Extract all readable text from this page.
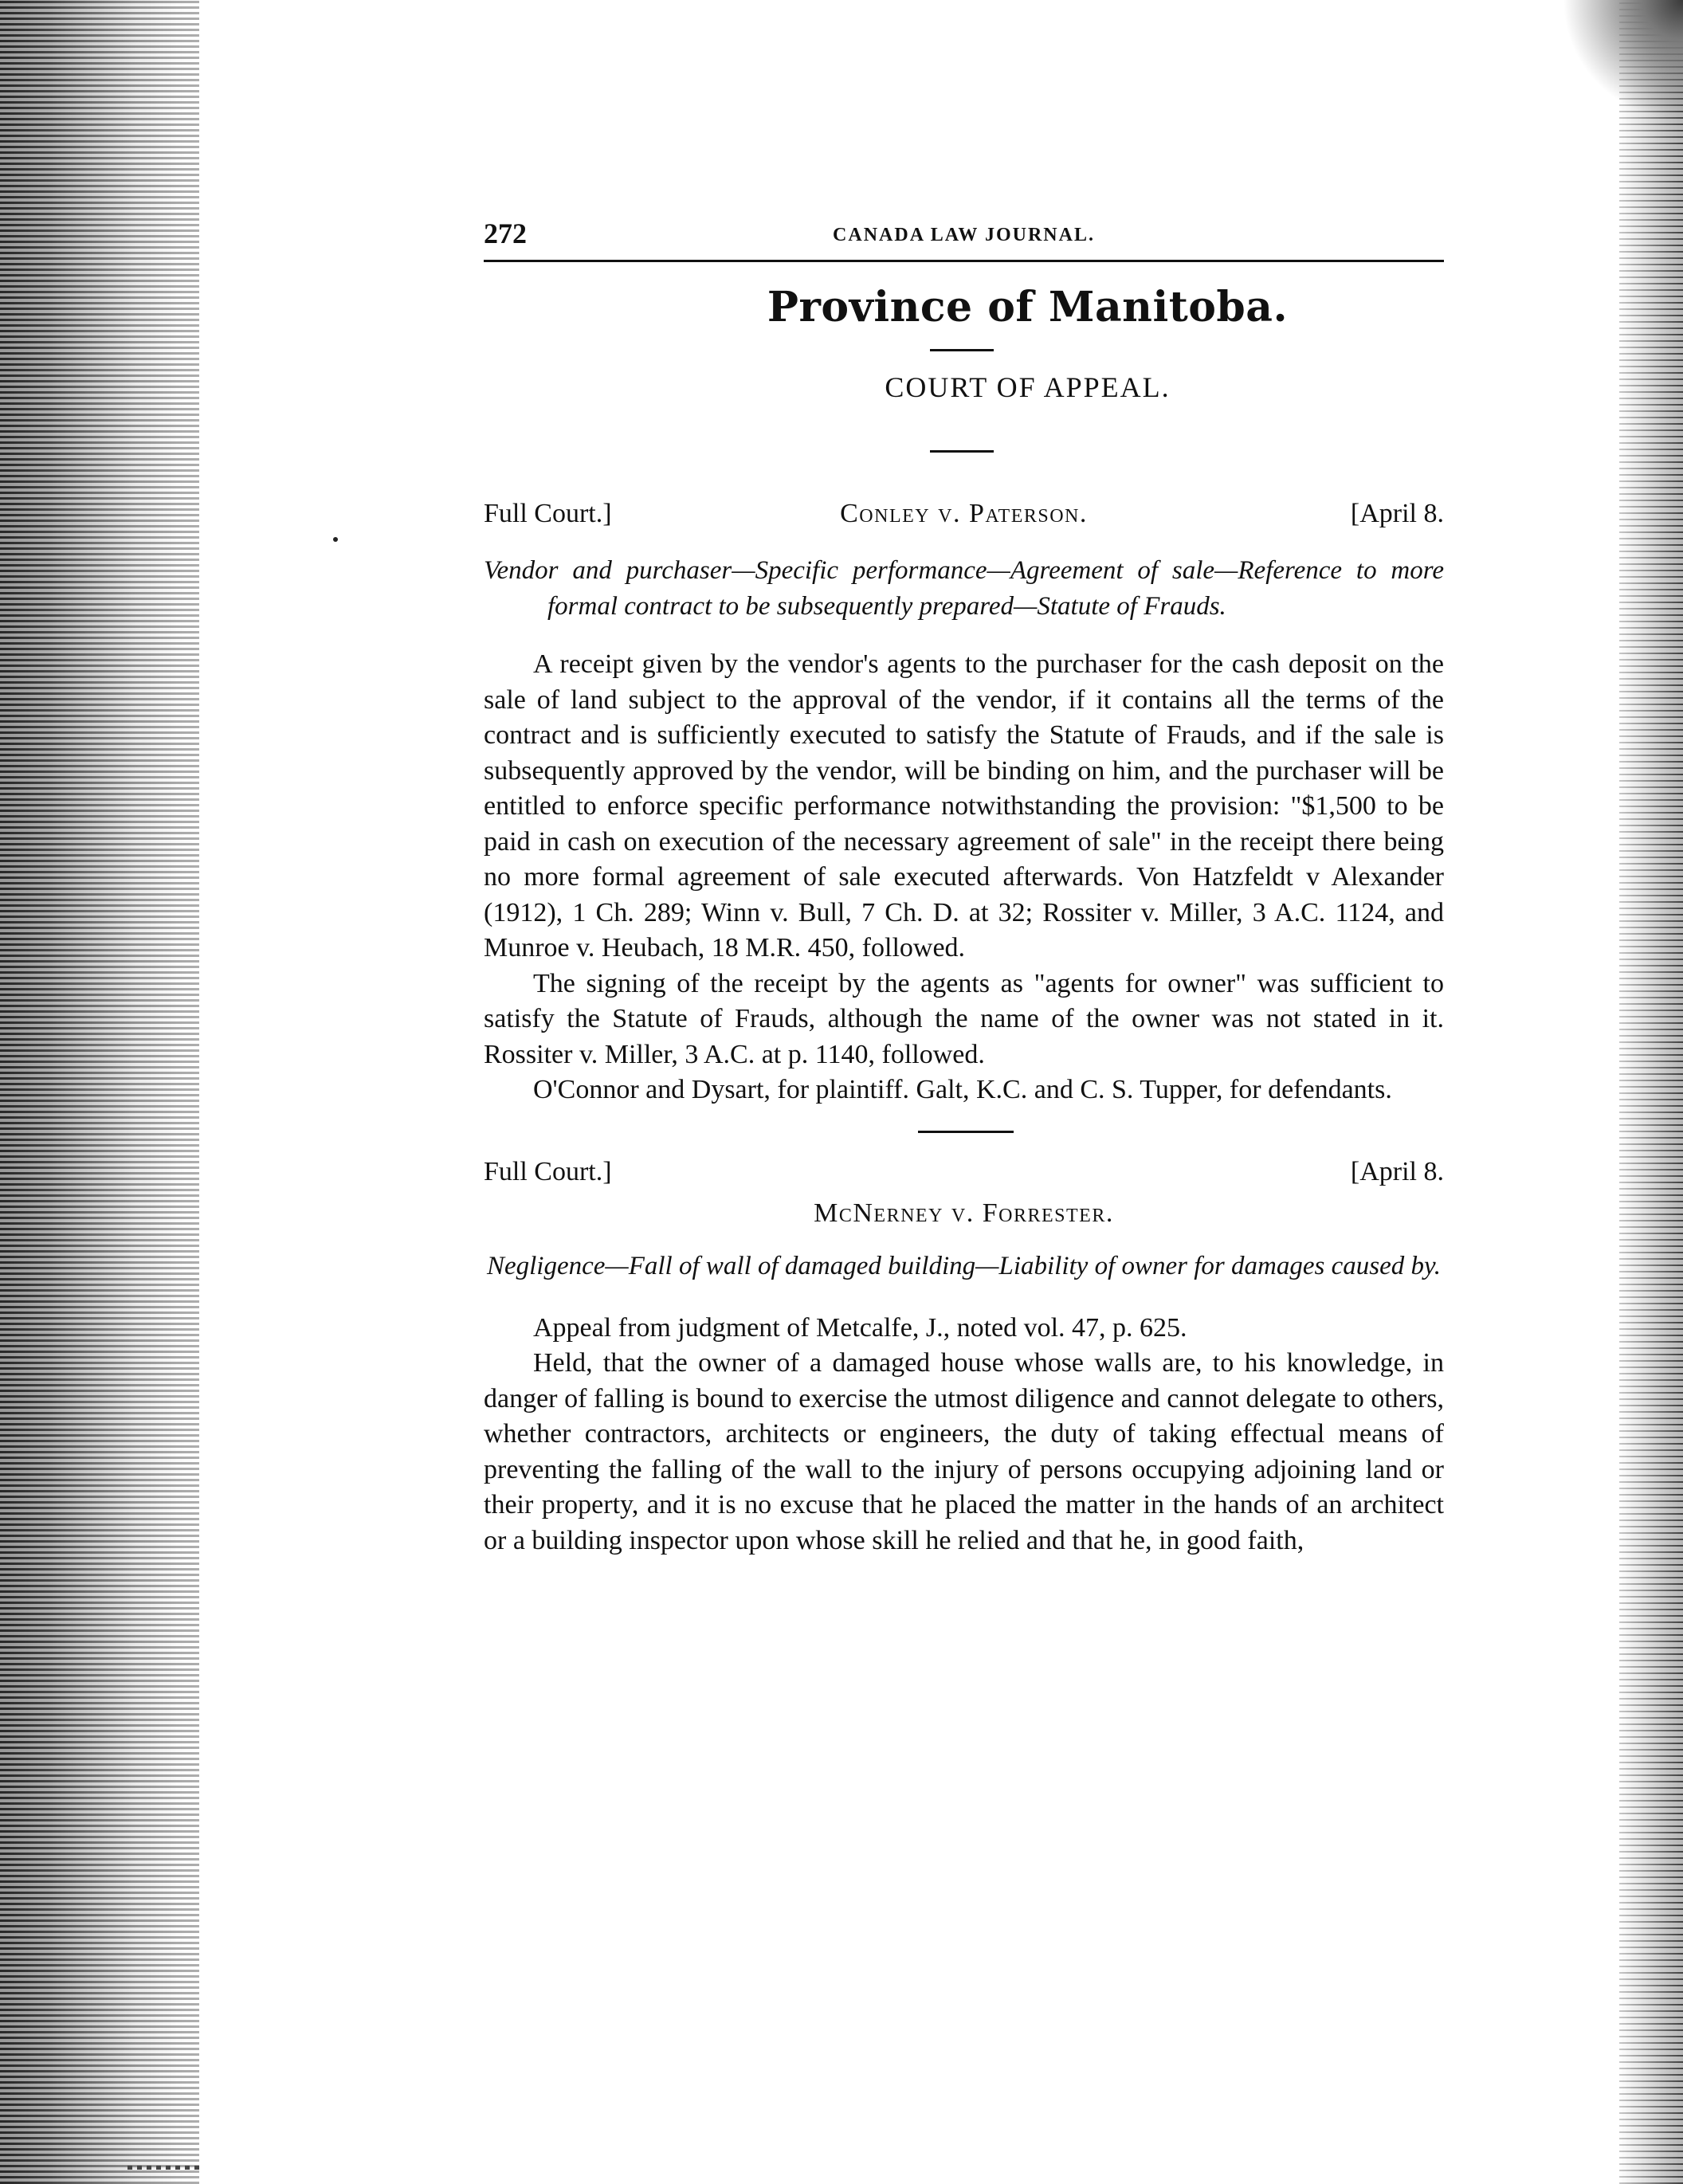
272	CANADA LAW JOURNAL.
Province of Manitoba.
COURT OF APPEAL.
Full Court.]	Conley v. Paterson.	[April 8.
Vendor and purchaser—Specific performance—Agreement of sale—Reference to more formal contract to be subsequently prepared—Statute of Frauds.

A receipt given by the vendor's agents to the purchaser for the cash deposit on the sale of land subject to the approval of the vendor, if it contains all the terms of the contract and is sufficiently executed to satisfy the Statute of Frauds, and if the sale is subsequently approved by the vendor, will be binding on him, and the purchaser will be entitled to enforce specific performance notwithstanding the provision: "$1,500 to be paid in cash on execution of the necessary agreement of sale" in the receipt there being no more formal agreement of sale executed afterwards. Von Hatzfeldt v Alexander (1912), 1 Ch. 289; Winn v. Bull, 7 Ch. D. at 32; Rossiter v. Miller, 3 A.C. 1124, and Munroe v. Heubach, 18 M.R. 450, followed.

The signing of the receipt by the agents as "agents for owner" was sufficient to satisfy the Statute of Frauds, although the name of the owner was not stated in it. Rossiter v. Miller, 3 A.C. at p. 1140, followed.

O'Connor and Dysart, for plaintiff. Galt, K.C. and C. S. Tupper, for defendants.

Full Court.]	[April 8.
McNerney v. Forrester.
Negligence—Fall of wall of damaged building—Liability of owner for damages caused by.

Appeal from judgment of Metcalfe, J., noted vol. 47, p. 625.

Held, that the owner of a damaged house whose walls are, to his knowledge, in danger of falling is bound to exercise the utmost diligence and cannot delegate to others, whether contractors, architects or engineers, the duty of taking effectual means of preventing the falling of the wall to the injury of persons occupying adjoining land or their property, and it is no excuse that he placed the matter in the hands of an architect or a building inspector upon whose skill he relied and that he, in good faith,
